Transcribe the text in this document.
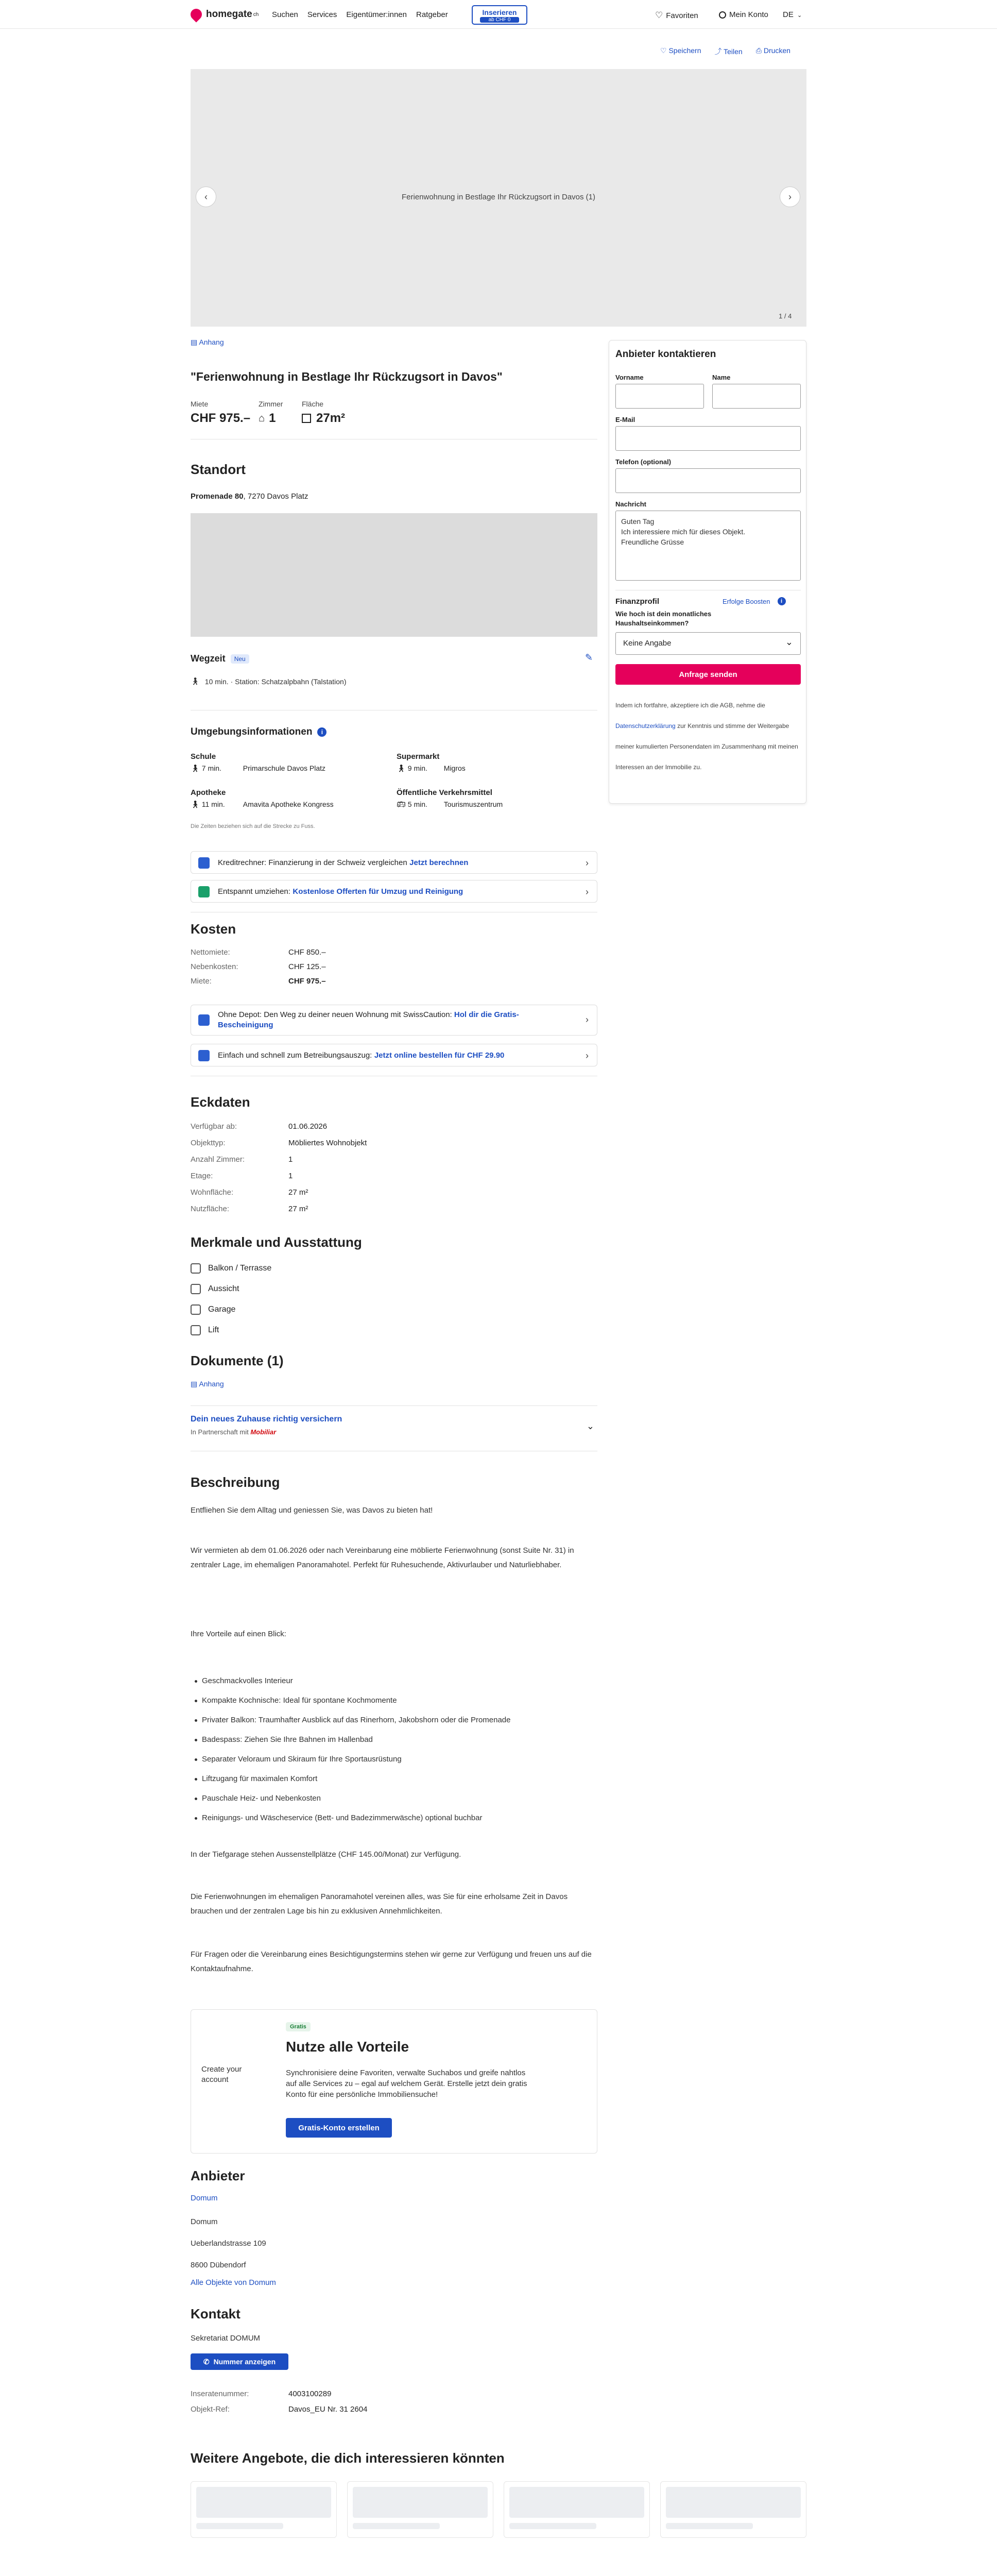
homegate ch Suchen Services Eigentümer:innen Ratgeber	Inserieren
ab CHF 0	♡ Favoriten	Mein Konto DE ⌄
♡ Speichern ⤴ Teilen ⎙ Drucken
Ferienwohnung in Bestlage Ihr Rückzugsort in Davos (1)
‹	›
1 / 4
▤ Anhang
"Ferienwohnung in Bestlage Ihr Rückzugsort in Davos"
Miete
CHF 975.–
Zimmer
⌂ 1
Fläche
27m²
Standort
Promenade 80, 7270 Davos Platz
Wegzeit	Neu	✎
🚶︎ 10 min. · Station: Schatzalpbahn (Talstation)
Umgebungsinformationen	i
Schule
🚶︎ 7 min.	Primarschule Davos Platz
Supermarkt
🚶︎ 9 min.	Migros
Apotheke
🚶︎ 11 min.	Amavita Apotheke Kongress
Öffentliche Verkehrsmittel
🚌︎ 5 min.	Tourismuszentrum
Die Zeiten beziehen sich auf die Strecke zu Fuss.
Kreditrechner: Finanzierung in der Schweiz vergleichen
Jetzt berechnen	›
Entspannt umziehen:
Kostenlose Offerten für Umzug und Reinigung	›
Kosten
Nettomiete:	CHF 850.–
Nebenkosten:	CHF 125.–
Miete:	CHF 975.–
Ohne Depot: Den Weg zu deiner neuen Wohnung mit SwissCaution: Hol dir die Gratis-Bescheinigung
›
Einfach und schnell zum Betreibungsauszug:
Jetzt online bestellen für CHF 29.90	›
Eckdaten
Verfügbar ab:	01.06.2026
Objekttyp:	Möbliertes Wohnobjekt
Anzahl Zimmer:	1
Etage:	1
Wohnfläche:	27 m²
Nutzfläche:	27 m²
Merkmale und Ausstattung
Balkon / Terrasse
Aussicht
Garage
Lift
Dokumente (1)
▤ Anhang
Dein neues Zuhause richtig versichern
In Partnerschaft mit Mobiliar
⌄
Beschreibung
Entfliehen Sie dem Alltag und geniessen Sie, was Davos zu bieten hat!
Wir vermieten ab dem 01.06.2026 oder nach Vereinbarung eine möblierte Ferienwohnung (sonst Suite Nr. 31) in zentraler Lage, im ehemaligen Panoramahotel. Perfekt für Ruhesuchende, Aktivurlauber und Naturliebhaber.
Ihre Vorteile auf einen Blick:
Geschmackvolles Interieur
Kompakte Kochnische: Ideal für spontane Kochmomente
Privater Balkon: Traumhafter Ausblick auf das Rinerhorn, Jakobshorn oder die Promenade
Badespass: Ziehen Sie Ihre Bahnen im Hallenbad
Separater Veloraum und Skiraum für Ihre Sportausrüstung
Liftzugang für maximalen Komfort
Pauschale Heiz- und Nebenkosten
Reinigungs- und Wäscheservice (Bett- und Badezimmerwäsche) optional buchbar
In der Tiefgarage stehen Aussenstellplätze (CHF 145.00/Monat) zur Verfügung.
Die Ferienwohnungen im ehemaligen Panoramahotel vereinen alles, was Sie für eine erholsame Zeit in Davos brauchen und der zentralen Lage bis hin zu exklusiven Annehmlichkeiten.
Für Fragen oder die Vereinbarung eines Besichtigungstermins stehen wir gerne zur Verfügung und freuen uns auf die Kontaktaufnahme.
Create your account
Gratis
Nutze alle Vorteile
Synchronisiere deine Favoriten, verwalte Suchabos und greife nahtlos auf alle Services zu – egal auf welchem Gerät. Erstelle jetzt dein gratis Konto für eine persönliche Immobiliensuche!
Gratis-Konto erstellen
Anbieter
Domum
Domum
Ueberlandstrasse 109
8600 Dübendorf
Alle Objekte von Domum
Kontakt
Sekretariat DOMUM
✆ Nummer anzeigen
Inseratenummer:	4003100289
Objekt-Ref:	Davos_EU Nr. 31 2604
Weitere Angebote, die dich interessieren könnten
Anbieter kontaktieren
Vorname	Name
E-Mail
Telefon (optional)
Nachricht
Guten Tag
Ich interessiere mich für dieses Objekt.
Freundliche Grüsse
Finanzprofil	Erfolge Boosten	i
Wie hoch ist dein monatliches Haushaltseinkommen?
Keine Angabe	⌄
Anfrage senden
Indem ich fortfahre, akzeptiere ich die AGB, nehme die Datenschutzerklärung zur Kenntnis und stimme der Weitergabe meiner kumulierten Personendaten im Zusammenhang mit meinen Interessen an der Immobilie zu.
